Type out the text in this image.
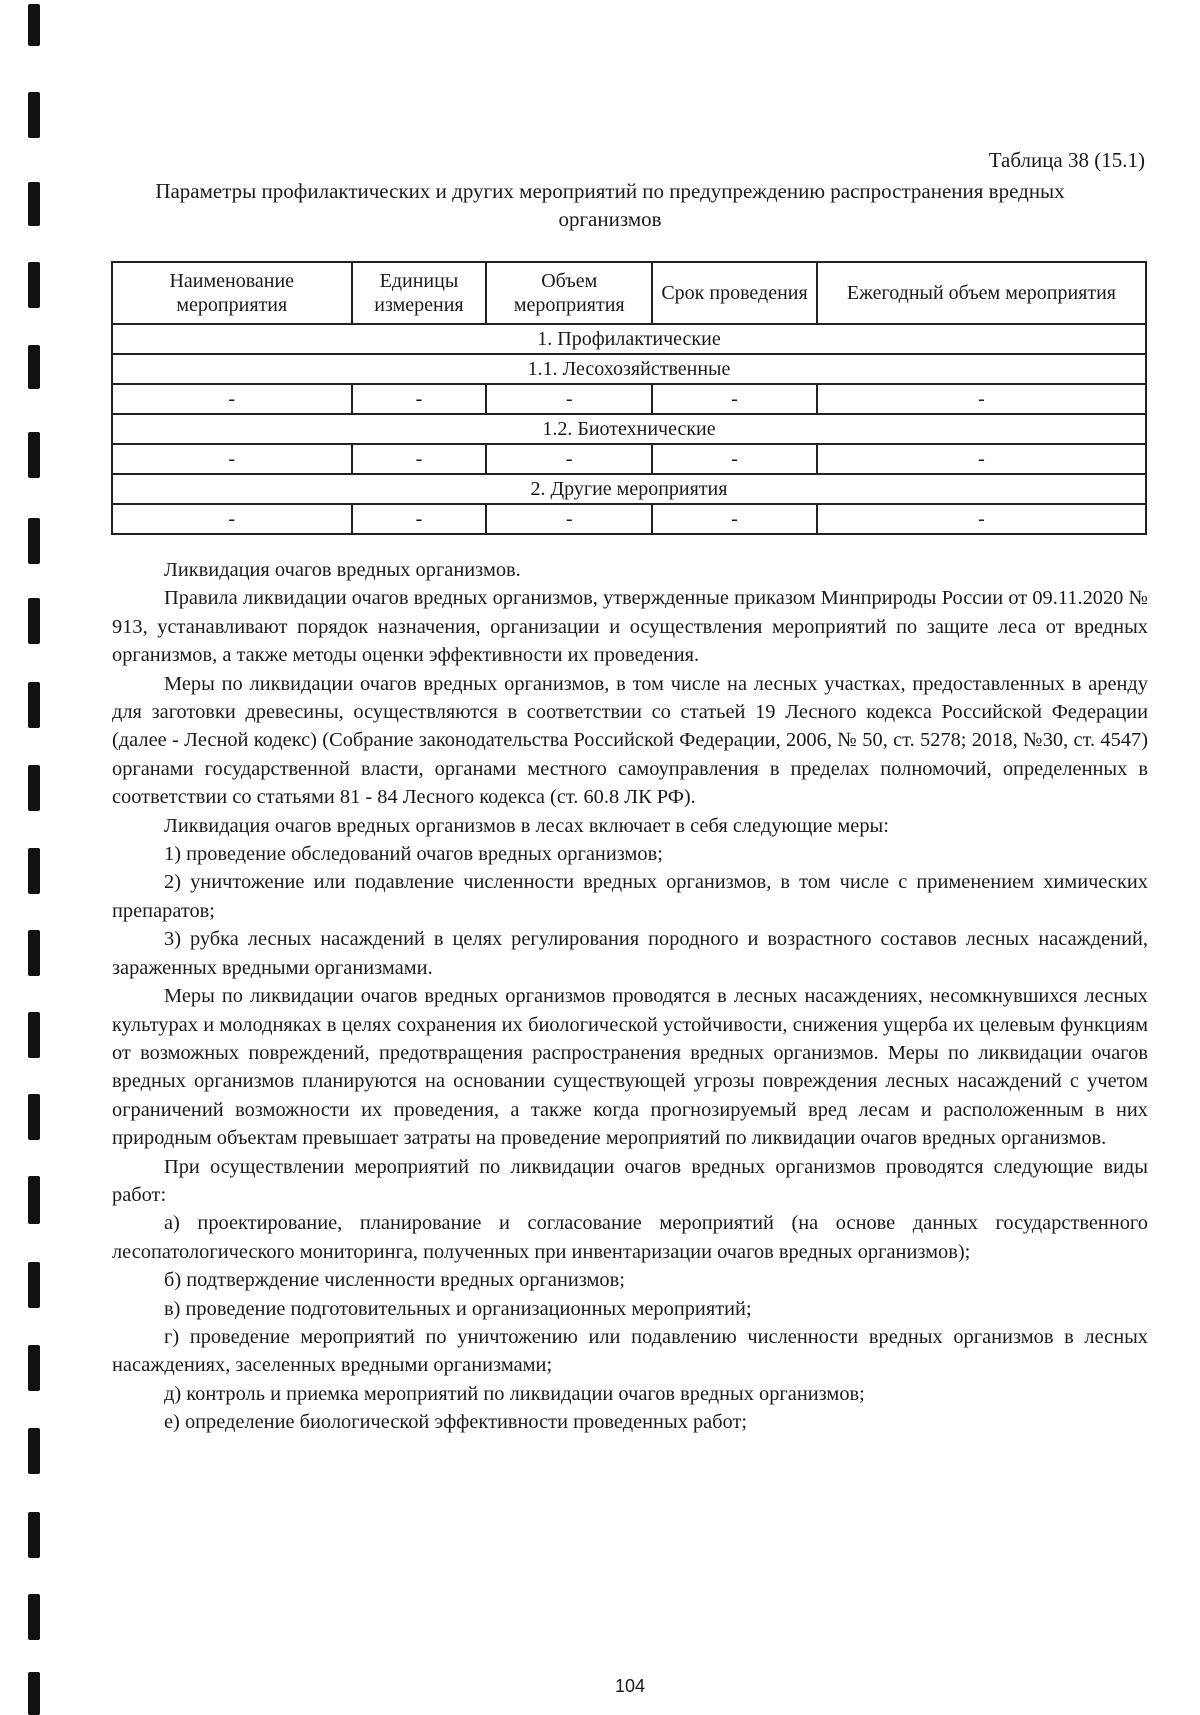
Таблица 38 (15.1)
Параметры профилактических и других мероприятий по предупреждению распространения вредных организмов
Наименование мероприятия	Единицы измерения	Объем мероприятия	Срок проведения	Ежегодный объем мероприятия
1. Профилактические				
1.1. Лесохозяйственные				
-	-	-	-	-
1.2. Биотехнические				
-	-	-	-	-
2. Другие мероприятия				
-	-	-	-	-

Ликвидация очагов вредных организмов.

Правила ликвидации очагов вредных организмов, утвержденные приказом Минприроды России от 09.11.2020 № 913, устанавливают порядок назначения, организации и осуществления мероприятий по защите леса от вредных организмов, а также методы оценки эффективности их проведения.

Меры по ликвидации очагов вредных организмов, в том числе на лесных участках, предоставленных в аренду для заготовки древесины, осуществляются в соответствии со статьей 19 Лесного кодекса Российской Федерации (далее - Лесной кодекс) (Собрание законодательства Российской Федерации, 2006, № 50, ст. 5278; 2018, №30, ст. 4547) органами государственной власти, органами местного самоуправления в пределах полномочий, определенных в соответствии со статьями 81 - 84 Лесного кодекса (ст. 60.8 ЛК РФ).

Ликвидация очагов вредных организмов в лесах включает в себя следующие меры:

1) проведение обследований очагов вредных организмов;

2) уничтожение или подавление численности вредных организмов, в том числе с применением химических препаратов;

3) рубка лесных насаждений в целях регулирования породного и возрастного составов лесных насаждений, зараженных вредными организмами.

Меры по ликвидации очагов вредных организмов проводятся в лесных насаждениях, несомкнувшихся лесных культурах и молодняках в целях сохранения их биологической устойчивости, снижения ущерба их целевым функциям от возможных повреждений, предотвращения распространения вредных организмов. Меры по ликвидации очагов вредных организмов планируются на основании существующей угрозы повреждения лесных насаждений с учетом ограничений возможности их проведения, а также когда прогнозируемый вред лесам и расположенным в них природным объектам превышает затраты на проведение мероприятий по ликвидации очагов вредных организмов.

При осуществлении мероприятий по ликвидации очагов вредных организмов проводятся следующие виды работ:

а) проектирование, планирование и согласование мероприятий (на основе данных государственного лесопатологического мониторинга, полученных при инвентаризации очагов вредных организмов);

б) подтверждение численности вредных организмов;

в) проведение подготовительных и организационных мероприятий;

г) проведение мероприятий по уничтожению или подавлению численности вредных организмов в лесных насаждениях, заселенных вредными организмами;

д) контроль и приемка мероприятий по ликвидации очагов вредных организмов;

е) определение биологической эффективности проведенных работ;

104
